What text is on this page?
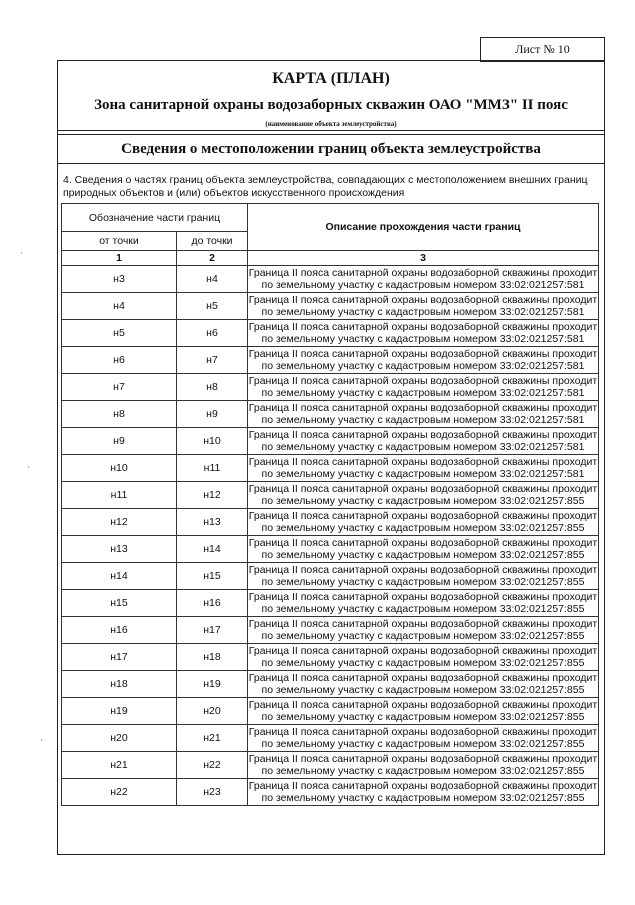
Лист № 10
КАРТА (ПЛАН)
Зона санитарной охраны водозаборных скважин ОАО "ММЗ" II пояс
(наименование объекта землеустройства)
Сведения о местоположении границ объекта землеустройства
4. Сведения о частях границ объекта землеустройства, совпадающих с местоположением внешних границ природных объектов и (или) объектов искусственного происхождения
Обозначение части границ		Описание прохождения части границ
от точки	до точки	
1	2	3
н3	н4	Граница II пояса санитарной охраны водозаборной скважины проходит по земельному участку с кадастровым номером 33:02:021257:581
н4	н5	Граница II пояса санитарной охраны водозаборной скважины проходит по земельному участку с кадастровым номером 33:02:021257:581
н5	н6	Граница II пояса санитарной охраны водозаборной скважины проходит по земельному участку с кадастровым номером 33:02:021257:581
н6	н7	Граница II пояса санитарной охраны водозаборной скважины проходит по земельному участку с кадастровым номером 33:02:021257:581
н7	н8	Граница II пояса санитарной охраны водозаборной скважины проходит по земельному участку с кадастровым номером 33:02:021257:581
н8	н9	Граница II пояса санитарной охраны водозаборной скважины проходит по земельному участку с кадастровым номером 33:02:021257:581
н9	н10	Граница II пояса санитарной охраны водозаборной скважины проходит по земельному участку с кадастровым номером 33:02:021257:581
н10	н11	Граница II пояса санитарной охраны водозаборной скважины проходит по земельному участку с кадастровым номером 33:02:021257:581
н11	н12	Граница II пояса санитарной охраны водозаборной скважины проходит по земельному участку с кадастровым номером 33:02:021257:855
н12	н13	Граница II пояса санитарной охраны водозаборной скважины проходит по земельному участку с кадастровым номером 33:02:021257:855
н13	н14	Граница II пояса санитарной охраны водозаборной скважины проходит по земельному участку с кадастровым номером 33:02:021257:855
н14	н15	Граница II пояса санитарной охраны водозаборной скважины проходит по земельному участку с кадастровым номером 33:02:021257:855
н15	н16	Граница II пояса санитарной охраны водозаборной скважины проходит по земельному участку с кадастровым номером 33:02:021257:855
н16	н17	Граница II пояса санитарной охраны водозаборной скважины проходит по земельному участку с кадастровым номером 33:02:021257:855
н17	н18	Граница II пояса санитарной охраны водозаборной скважины проходит по земельному участку с кадастровым номером 33:02:021257:855
н18	н19	Граница II пояса санитарной охраны водозаборной скважины проходит по земельному участку с кадастровым номером 33:02:021257:855
н19	н20	Граница II пояса санитарной охраны водозаборной скважины проходит по земельному участку с кадастровым номером 33:02:021257:855
н20	н21	Граница II пояса санитарной охраны водозаборной скважины проходит по земельному участку с кадастровым номером 33:02:021257:855
н21	н22	Граница II пояса санитарной охраны водозаборной скважины проходит по земельному участку с кадастровым номером 33:02:021257:855
н22	н23	Граница II пояса санитарной охраны водозаборной скважины проходит по земельному участку с кадастровым номером 33:02:021257:855
·
·
·
